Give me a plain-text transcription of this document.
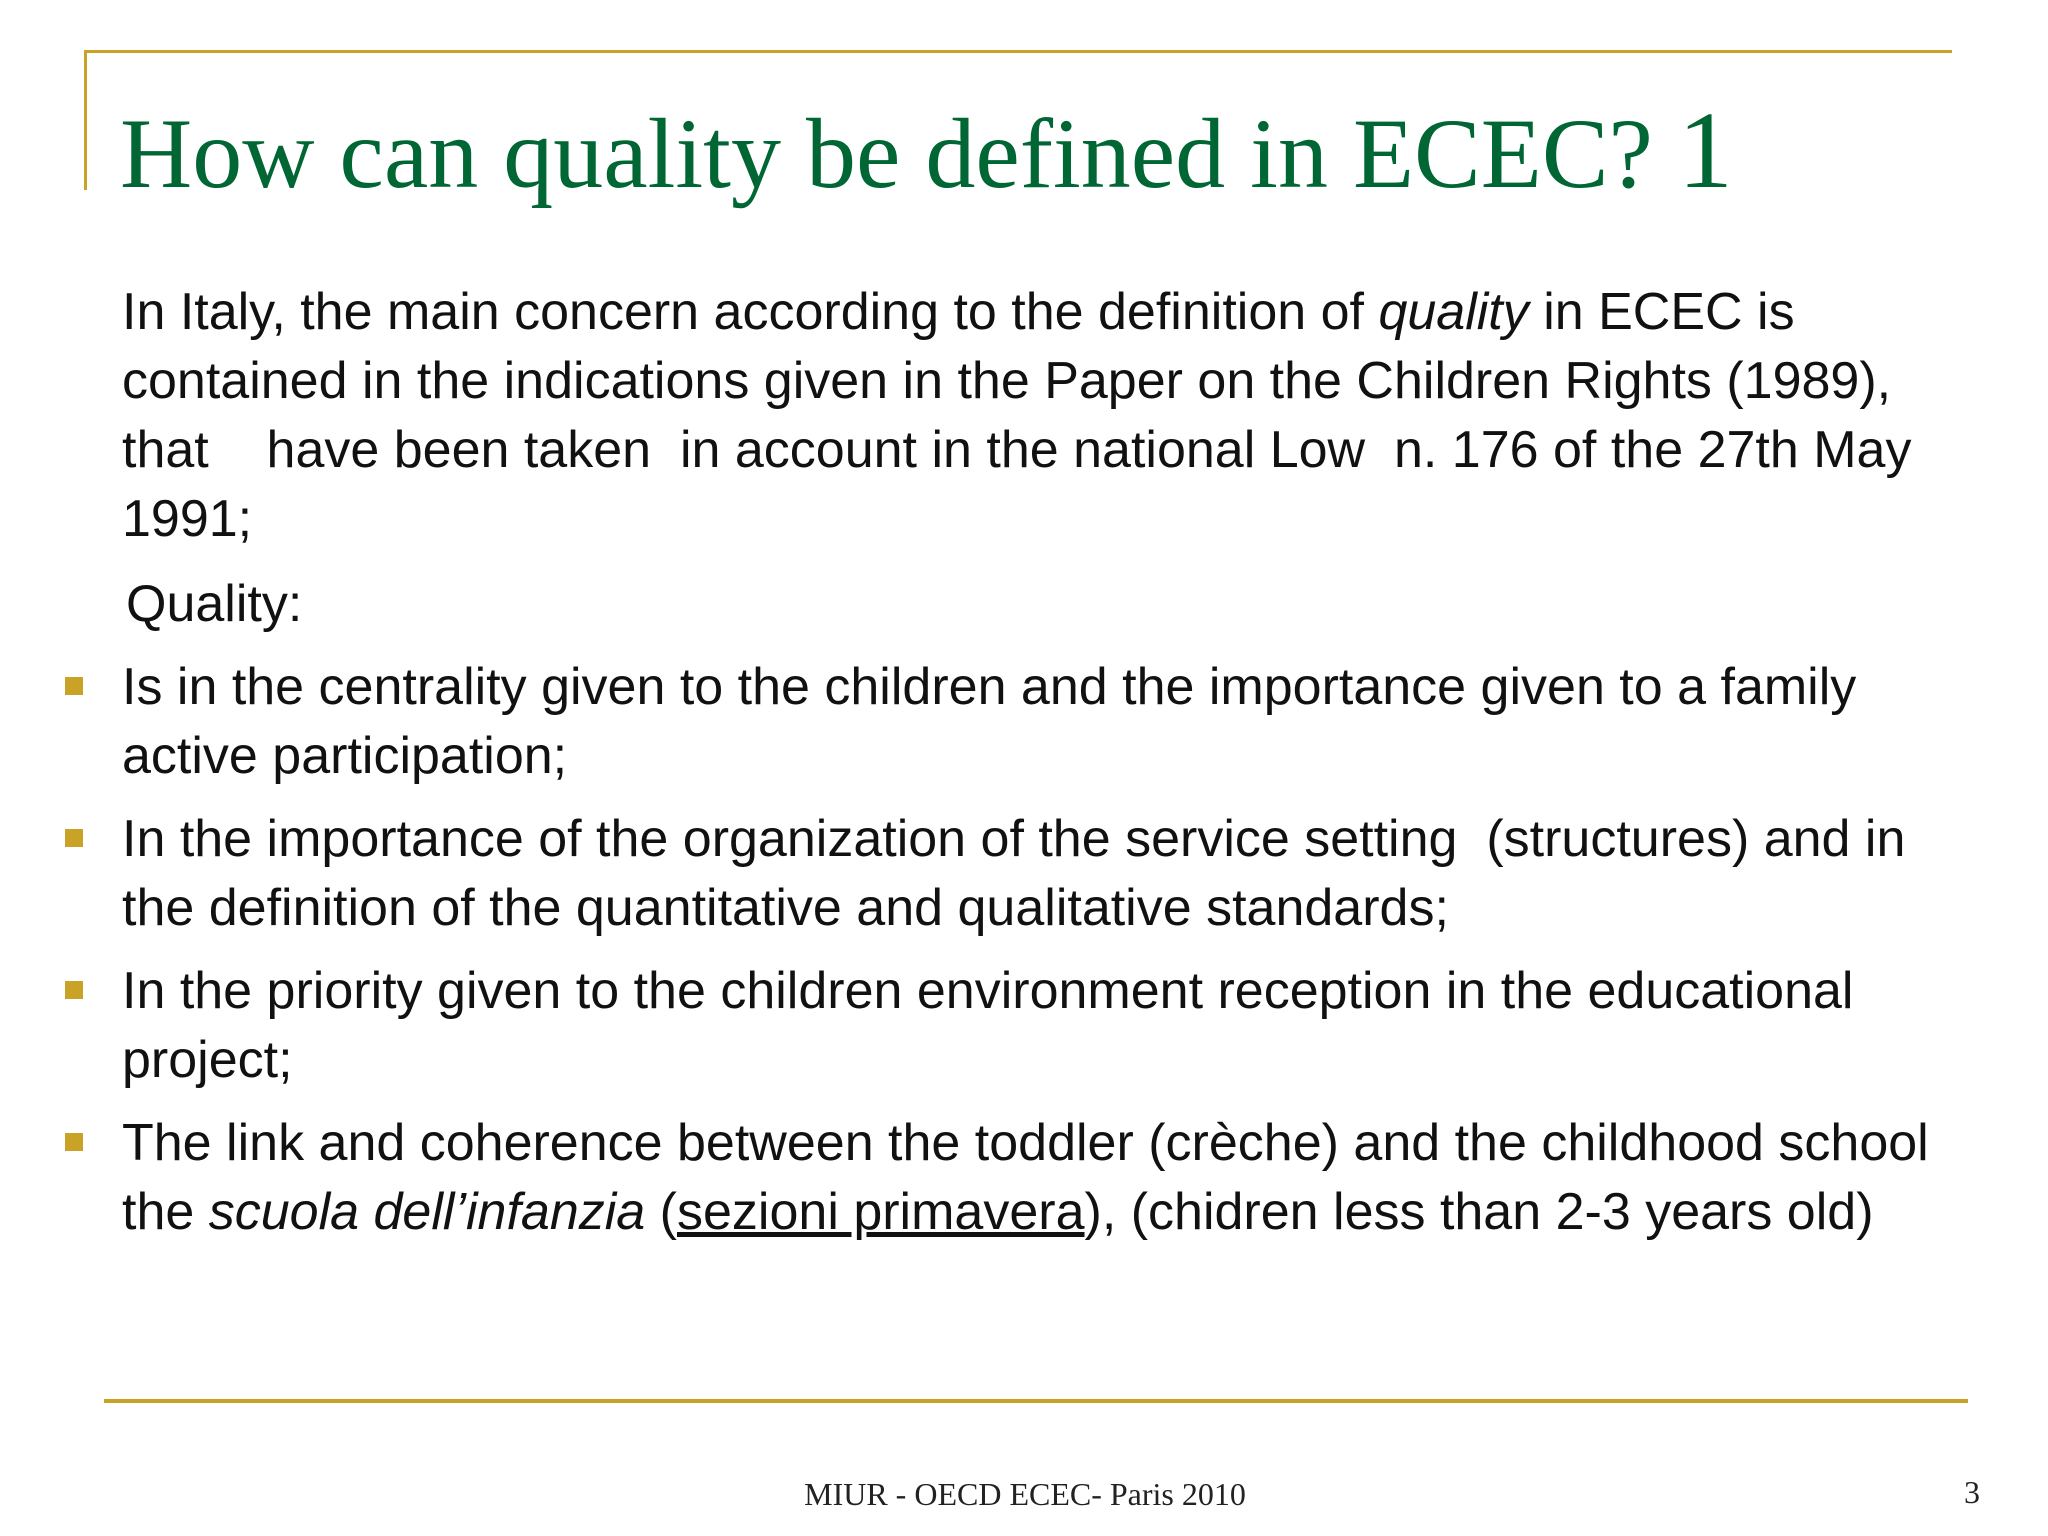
How can quality be defined in ECEC? 1

In Italy, the main concern according to the definition of quality in ECEC is contained in the indications given in the Paper on the Children Rights (1989), that    have been taken  in account in the national Low  n. 176 of the 27th May 1991;

Quality:

Is in the centrality given to the children and the importance given to a family active participation;
In the importance of the organization of the service setting  (structures) and in the definition of the quantitative and qualitative standards;
In the priority given to the children environment reception in the educational project;
The link and coherence between the toddler (crèche) and the childhood school the scuola dell’infanzia (sezioni primavera), (chidren less than 2-3 years old)
MIUR - OECD ECEC- Paris 2010	3
